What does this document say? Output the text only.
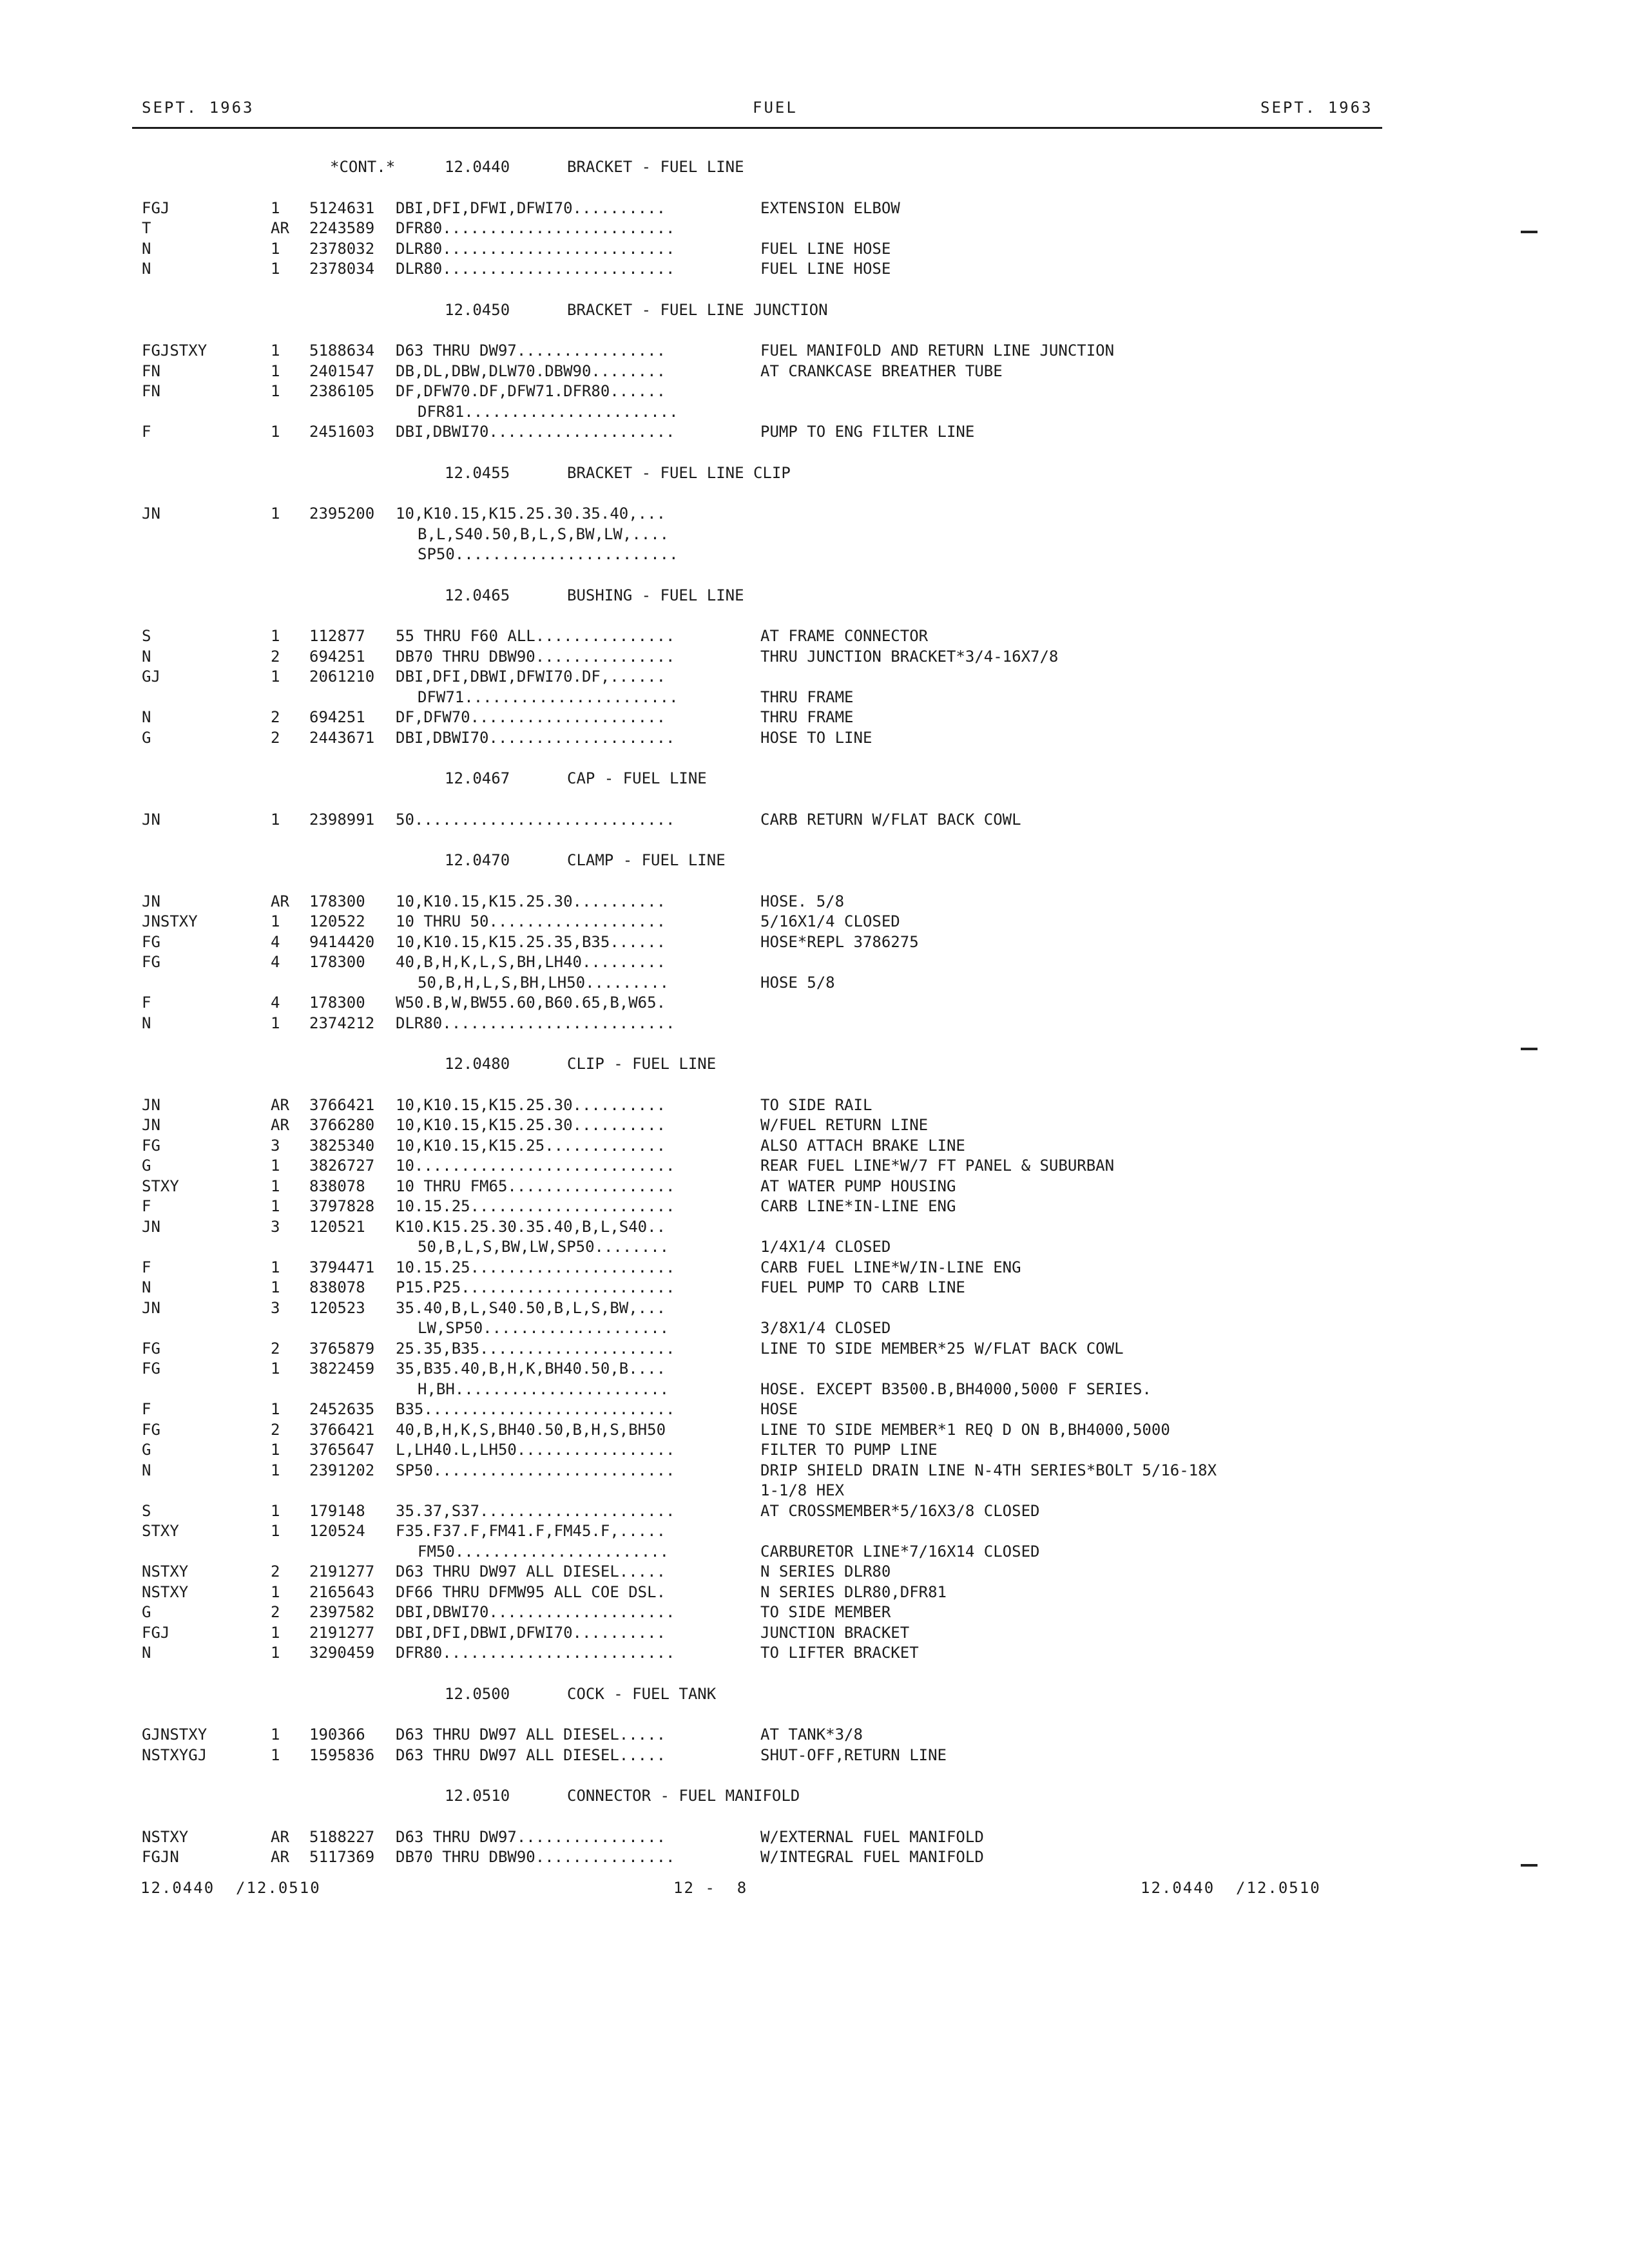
SEPT. 1963	FUEL	SEPT. 1963
*CONT.*	12.0440	BRACKET - FUEL LINE
FGJ	1 5124631 DBI,DFI,DFWI,DFWI70..........	EXTENSION ELBOW
T	AR 2243589 DFR80.........................
N	1 2378032 DLR80.........................	FUEL LINE HOSE
N	1 2378034 DLR80.........................	FUEL LINE HOSE
12.0450	BRACKET - FUEL LINE JUNCTION
FGJSTXY	1 5188634 D63 THRU DW97................	FUEL MANIFOLD AND RETURN LINE JUNCTION
FN	1 2401547 DB,DL,DBW,DLW70.DBW90........	AT CRANKCASE BREATHER TUBE
FN	1 2386105 DF,DFW70.DF,DFW71.DFR80......
DFR81.......................
F	1 2451603 DBI,DBWI70....................	PUMP TO ENG FILTER LINE
12.0455	BRACKET - FUEL LINE CLIP
JN	1 2395200 10,K10.15,K15.25.30.35.40,...
B,L,S40.50,B,L,S,BW,LW,....
SP50........................
12.0465	BUSHING - FUEL LINE
S	1 112877 55 THRU F60 ALL...............	AT FRAME CONNECTOR
N	2 694251 DB70 THRU DBW90...............	THRU JUNCTION BRACKET*3/4-16X7/8
GJ	1 2061210 DBI,DFI,DBWI,DFWI70.DF,......
DFW71.......................	THRU FRAME
N	2 694251 DF,DFW70.....................	THRU FRAME
G	2 2443671 DBI,DBWI70....................	HOSE TO LINE
12.0467	CAP - FUEL LINE
JN	1 2398991 50............................	CARB RETURN W/FLAT BACK COWL
12.0470	CLAMP - FUEL LINE
JN	AR 178300 10,K10.15,K15.25.30..........	HOSE. 5/8
JNSTXY	1 120522 10 THRU 50...................	5/16X1/4 CLOSED
FG	4 9414420 10,K10.15,K15.25.35,B35......	HOSE*REPL 3786275
FG	4 178300 40,B,H,K,L,S,BH,LH40.........
50,B,H,L,S,BH,LH50.........	HOSE 5/8
F	4 178300 W50.B,W,BW55.60,B60.65,B,W65.
N	1 2374212 DLR80.........................
12.0480	CLIP - FUEL LINE
JN	AR 3766421 10,K10.15,K15.25.30..........	TO SIDE RAIL
JN	AR 3766280 10,K10.15,K15.25.30..........	W/FUEL RETURN LINE
FG	3 3825340 10,K10.15,K15.25.............	ALSO ATTACH BRAKE LINE
G	1 3826727 10............................	REAR FUEL LINE*W/7 FT PANEL & SUBURBAN
STXY	1 838078 10 THRU FM65..................	AT WATER PUMP HOUSING
F	1 3797828 10.15.25......................	CARB LINE*IN-LINE ENG
JN	3 120521 K10.K15.25.30.35.40,B,L,S40..
50,B,L,S,BW,LW,SP50........	1/4X1/4 CLOSED
F	1 3794471 10.15.25......................	CARB FUEL LINE*W/IN-LINE ENG
N	1 838078 P15.P25.......................	FUEL PUMP TO CARB LINE
JN	3 120523 35.40,B,L,S40.50,B,L,S,BW,...
LW,SP50....................	3/8X1/4 CLOSED
FG	2 3765879 25.35,B35.....................	LINE TO SIDE MEMBER*25 W/FLAT BACK COWL
FG	1 3822459 35,B35.40,B,H,K,BH40.50,B....
H,BH.......................	HOSE. EXCEPT B3500.B,BH4000,5000 F SERIES.
F	1 2452635 B35...........................	HOSE
FG	2 3766421 40,B,H,K,S,BH40.50,B,H,S,BH50	LINE TO SIDE MEMBER*1 REQ D ON B,BH4000,5000
G	1 3765647 L,LH40.L,LH50.................	FILTER TO PUMP LINE
N	1 2391202 SP50..........................	DRIP SHIELD DRAIN LINE N-4TH SERIES*BOLT 5/16-18X
1-1/8 HEX
S	1 179148 35.37,S37.....................	AT CROSSMEMBER*5/16X3/8 CLOSED
STXY	1 120524 F35.F37.F,FM41.F,FM45.F,.....
FM50.......................	CARBURETOR LINE*7/16X14 CLOSED
NSTXY	2 2191277 D63 THRU DW97 ALL DIESEL.....	N SERIES DLR80
NSTXY	1 2165643 DF66 THRU DFMW95 ALL COE DSL.	N SERIES DLR80,DFR81
G	2 2397582 DBI,DBWI70....................	TO SIDE MEMBER
FGJ	1 2191277 DBI,DFI,DBWI,DFWI70..........	JUNCTION BRACKET
N	1 3290459 DFR80.........................	TO LIFTER BRACKET
12.0500	COCK - FUEL TANK
GJNSTXY	1 190366 D63 THRU DW97 ALL DIESEL.....	AT TANK*3/8
NSTXYGJ	1 1595836 D63 THRU DW97 ALL DIESEL.....	SHUT-OFF,RETURN LINE
12.0510	CONNECTOR - FUEL MANIFOLD
NSTXY	AR 5188227 D63 THRU DW97................	W/EXTERNAL FUEL MANIFOLD
FGJN	AR 5117369 DB70 THRU DBW90...............	W/INTEGRAL FUEL MANIFOLD
12.0440  /12.0510	12 -  8	12.0440  /12.0510
